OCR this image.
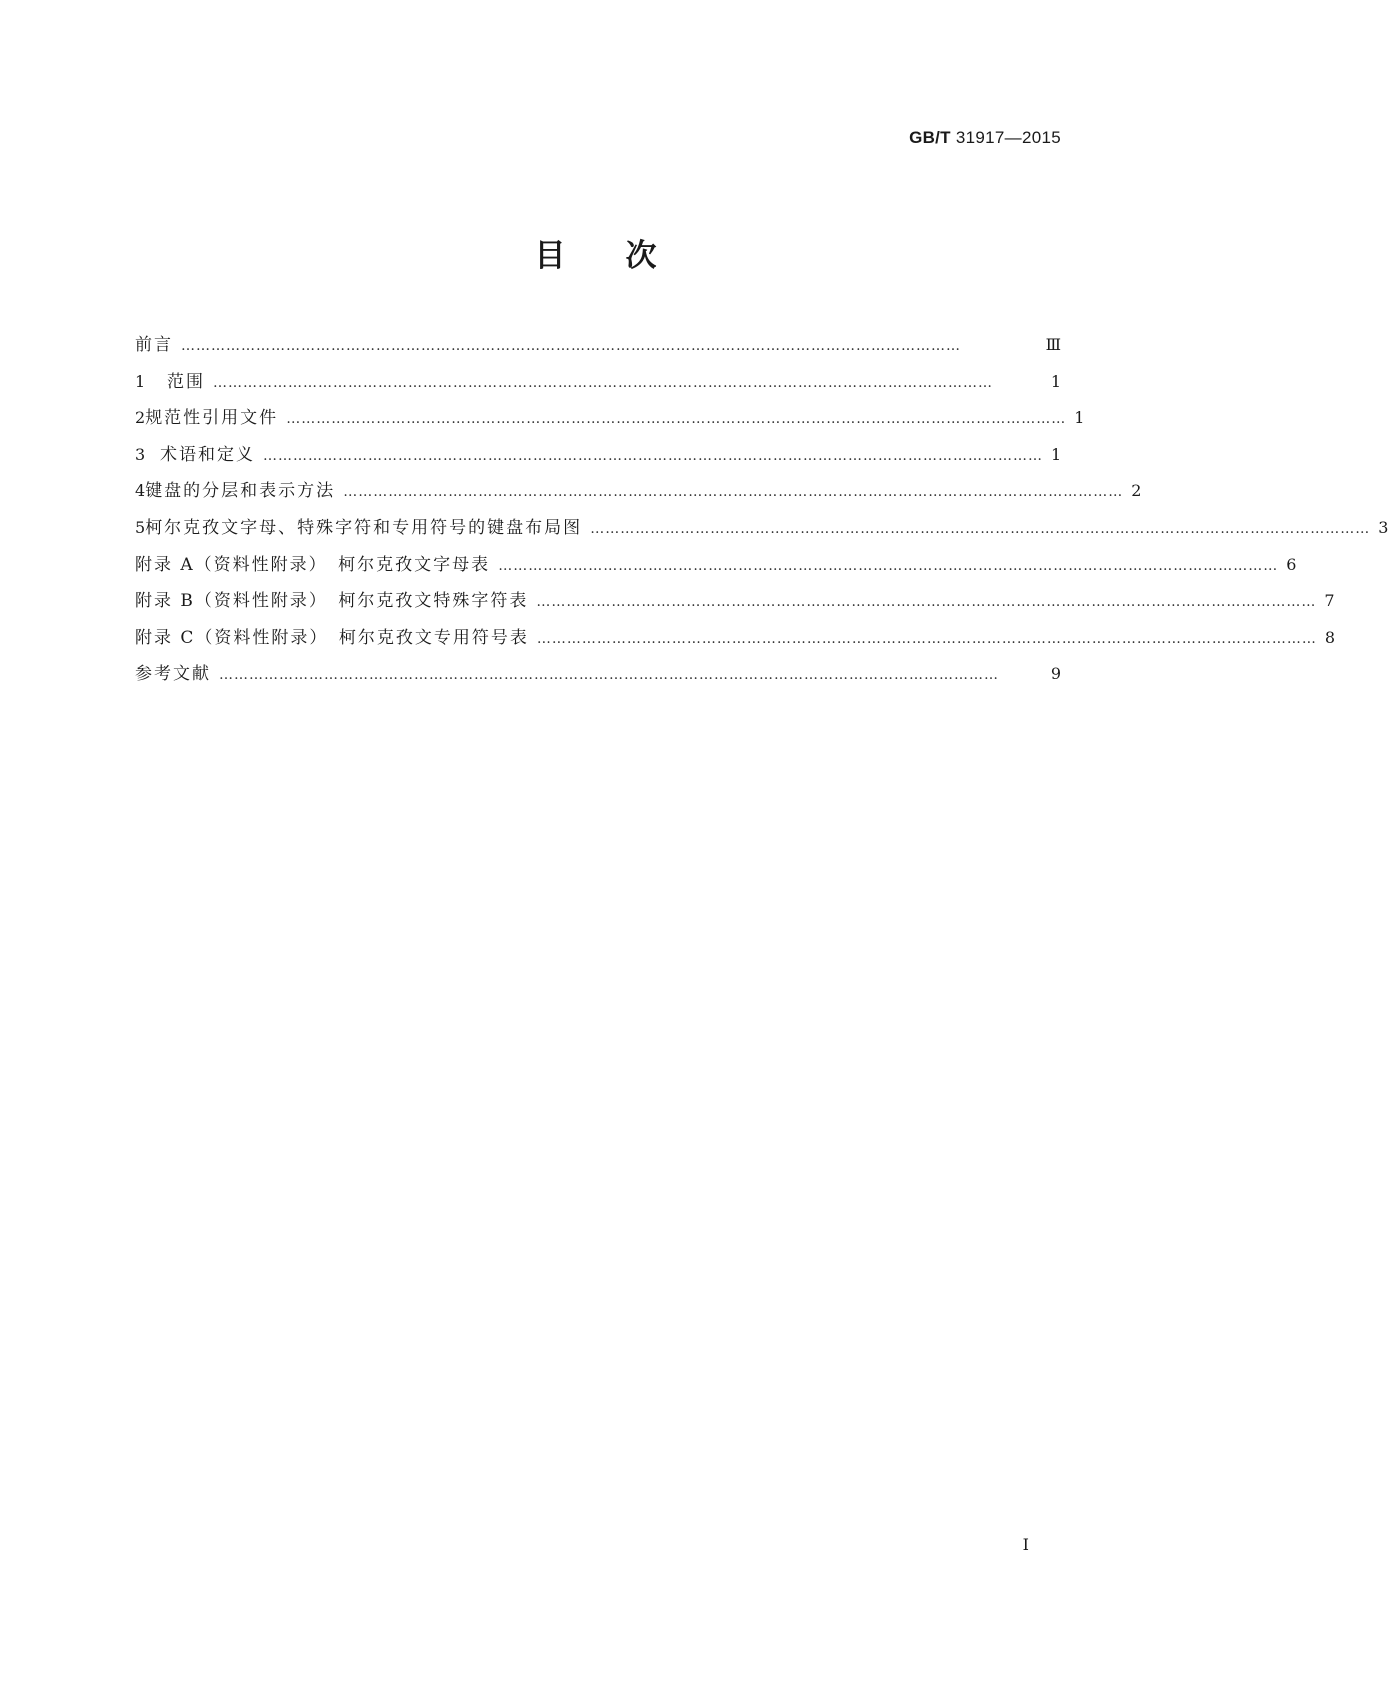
GB/T 31917—2015
目次
前言 …………………………………………………………………………………………………………………………………………	Ⅲ
1	范围 …………………………………………………………………………………………………………………………………………	1
2 规范性引用文件 ………………………………………………………………………………………………………………………………………… 1
3 术语和定义 ………………………………………………………………………………………………………………………………………… 1
4 键盘的分层和表示方法 ………………………………………………………………………………………………………………………………………… 2
5 柯尔克孜文字母、特殊字符和专用符号的键盘布局图 ………………………………………………………………………………………………………………………………………… 3
附录 A（资料性附录）　柯尔克孜文字母表 ………………………………………………………………………………………………………………………………………… 6
附录 B（资料性附录）　柯尔克孜文特殊字符表 ………………………………………………………………………………………………………………………………………… 7
附录 C（资料性附录）　柯尔克孜文专用符号表 ………………………………………………………………………………………………………………………………………… 8
参考文献 …………………………………………………………………………………………………………………………………………	9
Ⅰ
